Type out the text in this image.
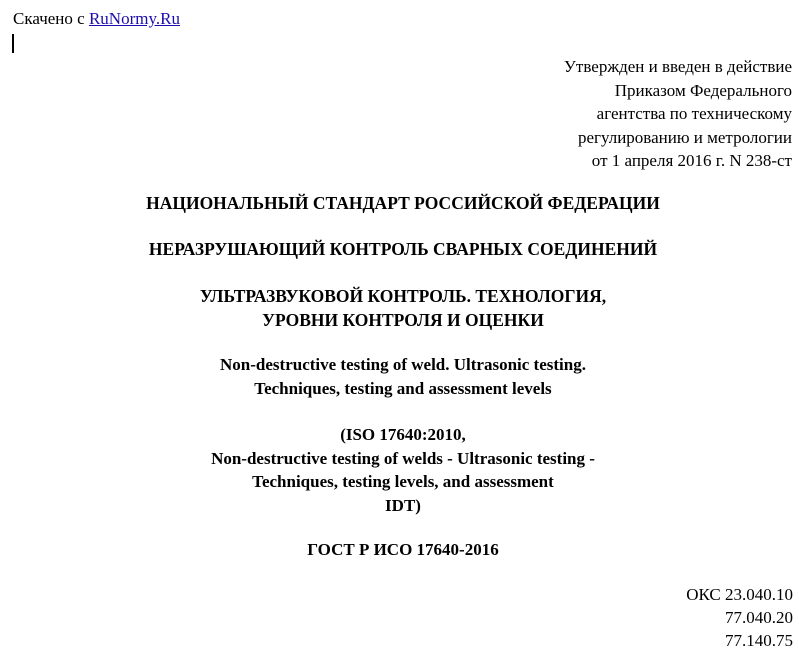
Скачено с RuNormy.Ru
Утвержден и введен в действие
Приказом Федерального
агентства по техническому
регулированию и метрологии
от 1 апреля 2016 г. N 238-ст
НАЦИОНАЛЬНЫЙ СТАНДАРТ РОССИЙСКОЙ ФЕДЕРАЦИИ
НЕРАЗРУШАЮЩИЙ КОНТРОЛЬ СВАРНЫХ СОЕДИНЕНИЙ
УЛЬТРАЗВУКОВОЙ КОНТРОЛЬ. ТЕХНОЛОГИЯ,
УРОВНИ КОНТРОЛЯ И ОЦЕНКИ
Non-destructive testing of weld. Ultrasonic testing.
Techniques, testing and assessment levels
(ISO 17640:2010,
Non-destructive testing of welds - Ultrasonic testing -
Techniques, testing levels, and assessment
IDT)
ГОСТ Р ИСО 17640-2016
ОКС 23.040.10
77.040.20
77.140.75
